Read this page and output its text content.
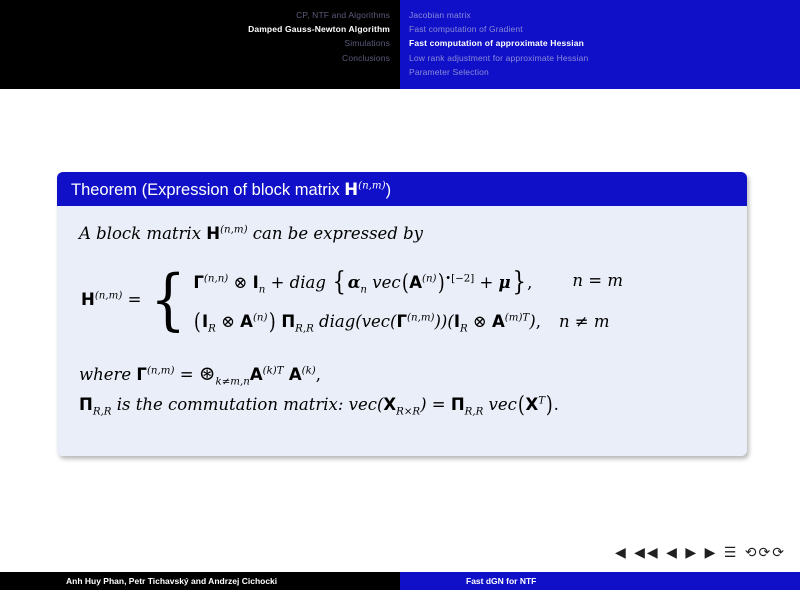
CP, NTF and Algorithms
Damped Gauss-Newton Algorithm
Simulations
Conclusions
Jacobian matrix
Fast computation of Gradient
Fast computation of approximate Hessian
Low rank adjustment for approximate Hessian
Parameter Selection
Theorem (Expression of block matrix H$^{(n,m)}$)
A block matrix H$^{(n,m)}$ can be expressed by
H$^{(n,m)}$ = { Γ$^{(n,n)}$ ⊗ $I_n$ + diag { $\alpha_n$ $vec(A^{(n)})^{•[-2]} + \mu$} , n = m
($I_R$ ⊗ $A^{(n)}$) $\Pi_{R,R}$ $diag(vec(\Gamma^{(n,m)}))(I_R$ ⊗ $A^{(m)T}$), n ≠ m
where $\Gamma^{(n,m)} = ⊛_{k\ne m,n}A^{(k)T}$ $A^{(k)}$,
$\Pi_{R,R}$ is the commutation matrix: $vec(X_{R\times R}) = \Pi_{R,R}$ $vec(X^T)$.
◀ ◀◀ ◀ ▶ ▶ ☰ ⟲⟳⟳
Anh Huy Phan, Petr Tichavský and Andrzej Cichocki	Fast dGN for NTF
